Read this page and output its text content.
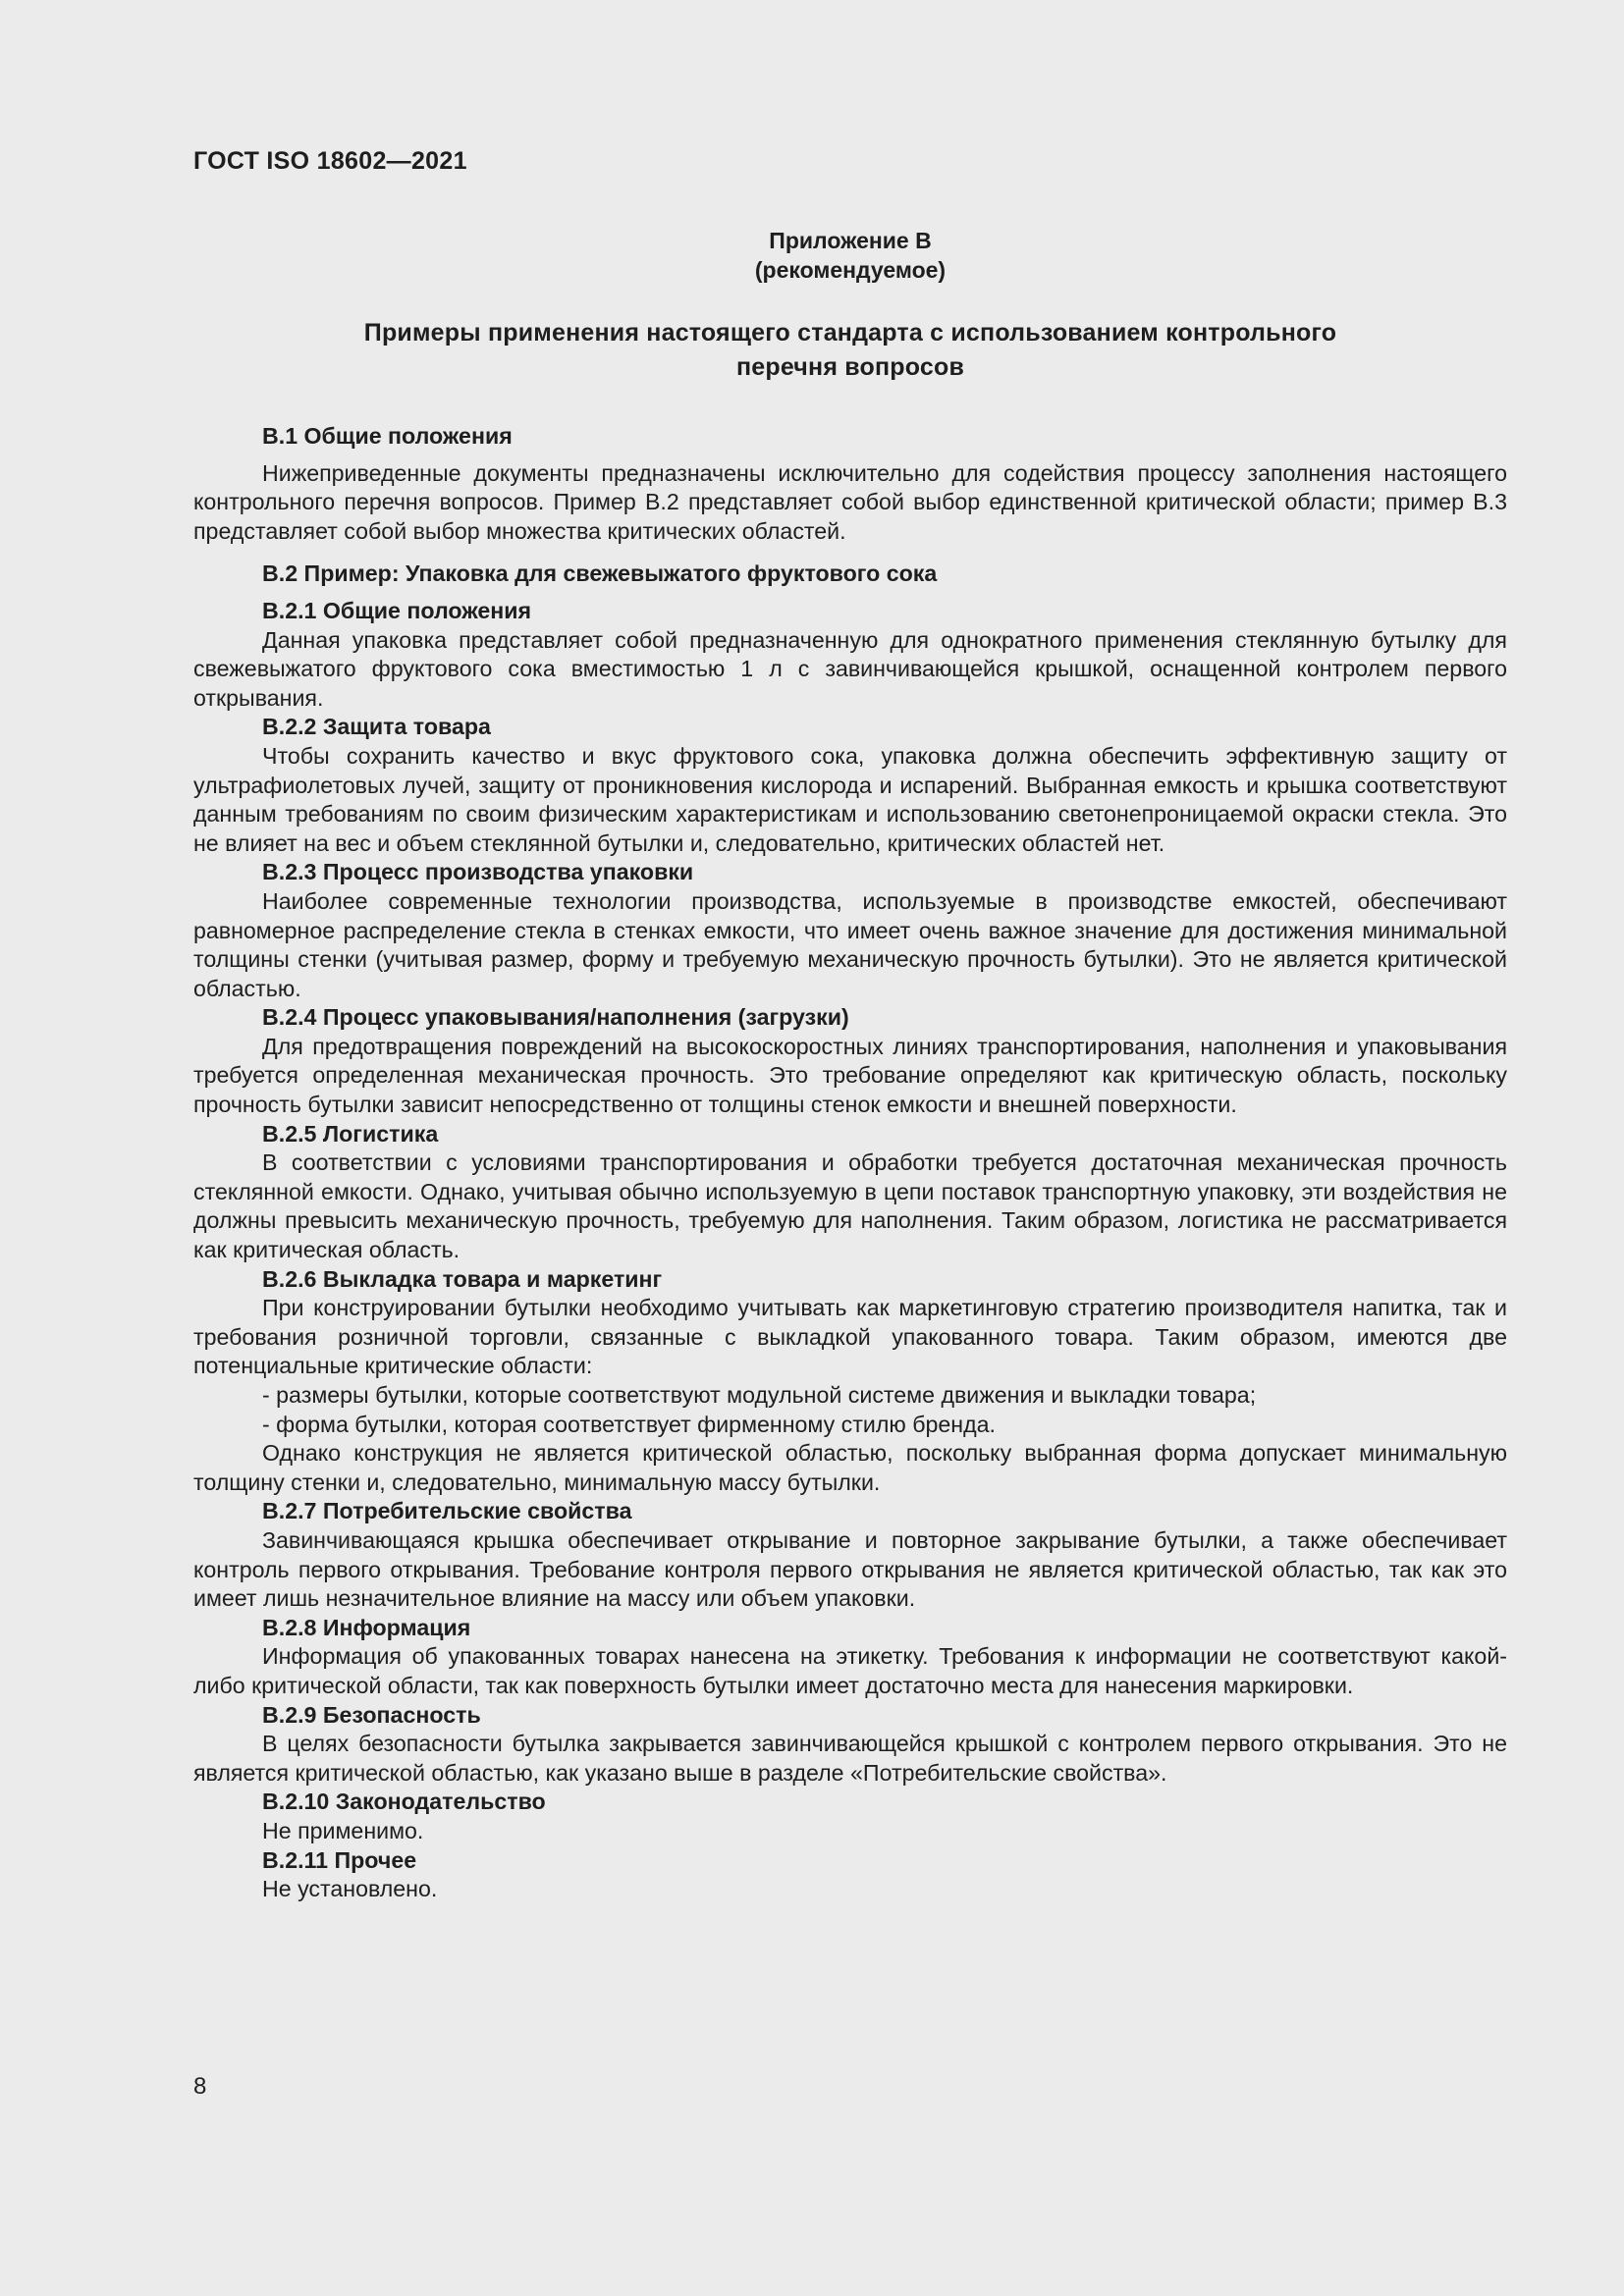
ГОСТ ISO 18602—2021
Приложение В
(рекомендуемое)
Примеры применения настоящего стандарта с использованием контрольного
перечня вопросов

В.1 Общие положения

Нижеприведенные документы предназначены исключительно для содействия процессу заполнения настоящего контрольного перечня вопросов. Пример В.2 представляет собой выбор единственной критической области; пример В.3 представляет собой выбор множества критических областей.

В.2 Пример: Упаковка для свежевыжатого фруктового сока

В.2.1 Общие положения

Данная упаковка представляет собой предназначенную для однократного применения стеклянную бутылку для свежевыжатого фруктового сока вместимостью 1 л с завинчивающейся крышкой, оснащенной контролем первого открывания.

В.2.2 Защита товара

Чтобы сохранить качество и вкус фруктового сока, упаковка должна обеспечить эффективную защиту от ультрафиолетовых лучей, защиту от проникновения кислорода и испарений. Выбранная емкость и крышка соответствуют данным требованиям по своим физическим характеристикам и использованию светонепроницаемой окраски стекла. Это не влияет на вес и объем стеклянной бутылки и, следовательно, критических областей нет.

В.2.3 Процесс производства упаковки

Наиболее современные технологии производства, используемые в производстве емкостей, обеспечивают равномерное распределение стекла в стенках емкости, что имеет очень важное значение для достижения минимальной толщины стенки (учитывая размер, форму и требуемую механическую прочность бутылки). Это не является критической областью.

В.2.4 Процесс упаковывания/наполнения (загрузки)

Для предотвращения повреждений на высокоскоростных линиях транспортирования, наполнения и упаковывания требуется определенная механическая прочность. Это требование определяют как критическую область, поскольку прочность бутылки зависит непосредственно от толщины стенок емкости и внешней поверхности.

В.2.5 Логистика

В соответствии с условиями транспортирования и обработки требуется достаточная механическая прочность стеклянной емкости. Однако, учитывая обычно используемую в цепи поставок транспортную упаковку, эти воздействия не должны превысить механическую прочность, требуемую для наполнения. Таким образом, логистика не рассматривается как критическая область.

В.2.6 Выкладка товара и маркетинг

При конструировании бутылки необходимо учитывать как маркетинговую стратегию производителя напитка, так и требования розничной торговли, связанные с выкладкой упакованного товара. Таким образом, имеются две потенциальные критические области:

- размеры бутылки, которые соответствуют модульной системе движения и выкладки товара;

- форма бутылки, которая соответствует фирменному стилю бренда.

Однако конструкция не является критической областью, поскольку выбранная форма допускает минимальную толщину стенки и, следовательно, минимальную массу бутылки.

В.2.7 Потребительские свойства

Завинчивающаяся крышка обеспечивает открывание и повторное закрывание бутылки, а также обеспечивает контроль первого открывания. Требование контроля первого открывания не является критической областью, так как это имеет лишь незначительное влияние на массу или объем упаковки.

В.2.8 Информация

Информация об упакованных товарах нанесена на этикетку. Требования к информации не соответствуют какой-либо критической области, так как поверхность бутылки имеет достаточно места для нанесения маркировки.

В.2.9 Безопасность

В целях безопасности бутылка закрывается завинчивающейся крышкой с контролем первого открывания. Это не является критической областью, как указано выше в разделе «Потребительские свойства».

В.2.10 Законодательство

Не применимо.

В.2.11 Прочее

Не установлено.

8
